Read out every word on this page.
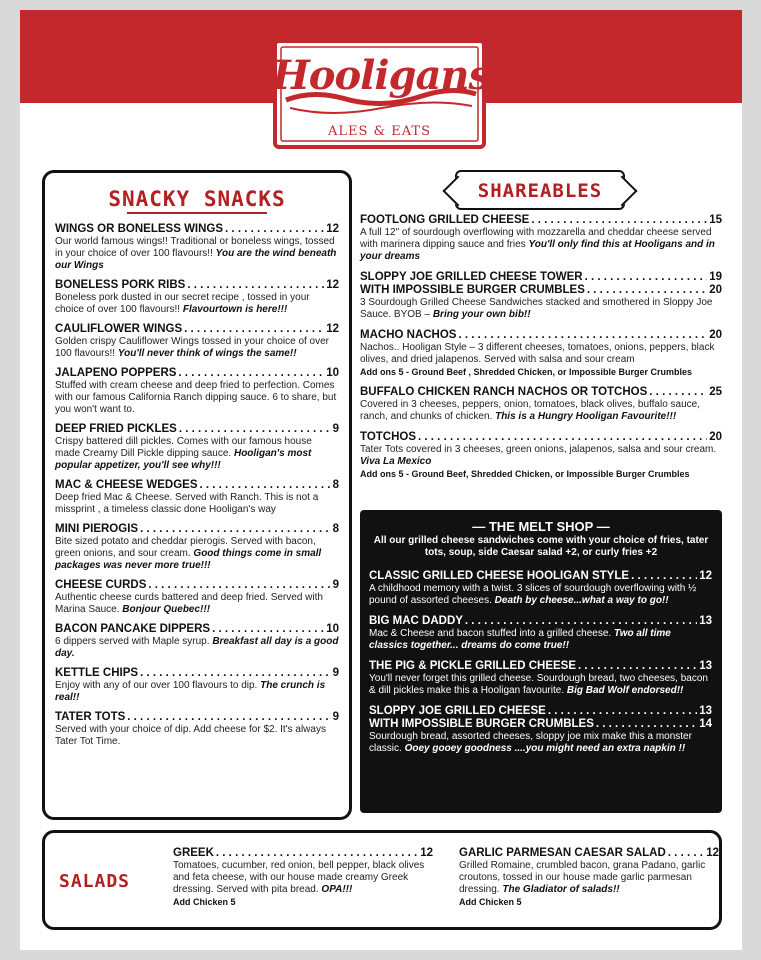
Hooligans
ALES & EATS
SNACKY SNACKS
WINGS OR BONELESS WINGS . . .	12
Our world famous wings!! Traditional or boneless wings, tossed in your choice of over 100 flavours!! You are the wind beneath our Wings
BONELESS PORK RIBS . . .	12
Boneless pork dusted in our secret recipe , tossed in your choice of over 100 flavours!! Flavourtown is here!!!
CAULIFLOWER WINGS . . .	12
Golden crispy Cauliflower Wings tossed in your choice of over 100 flavours!! You'll never think of wings the same!!
JALAPENO POPPERS . . .	10
Stuffed with cream cheese and deep fried to perfection. Comes with our famous California Ranch dipping sauce. 6 to share, but you won't want to.
DEEP FRIED PICKLES . . .	9
Crispy battered dill pickles. Comes with our famous house made Creamy Dill Pickle dipping sauce. Hooligan's most popular appetizer, you'll see why!!!
MAC & CHEESE WEDGES . . .	8
Deep fried Mac & Cheese. Served with Ranch. This is not a missprint , a timeless classic done Hooligan's way
MINI PIEROGIS . . .	8
Bite sized potato and cheddar pierogis. Served with bacon, green onions, and sour cream. Good things come in small packages was never more true!!!
CHEESE CURDS . . .	9
Authentic cheese curds battered and deep fried. Served with Marina Sauce. Bonjour Quebec!!!
BACON PANCAKE DIPPERS . . .	10
6 dippers served with Maple syrup. Breakfast all day is a good day.
KETTLE CHIPS . . .	9
Enjoy with any of our over 100 flavours to dip. The crunch is real!!
TATER TOTS . . .	9
Served with your choice of dip. Add cheese for $2. It's always Tater Tot Time.
SHAREABLES
FOOTLONG GRILLED CHEESE . . .	15
A full 12" of sourdough overflowing with mozzarella and cheddar cheese served with marinera dipping sauce and fries You'll only find this at Hooligans and in your dreams
SLOPPY JOE GRILLED CHEESE TOWER . . .	19
WITH IMPOSSIBLE BURGER CRUMBLES . . .	20
3 Sourdough Grilled Cheese Sandwiches stacked and smothered in Sloppy Joe Sauce. BYOB – Bring your own bib!!
MACHO NACHOS . . .	20
Nachos.. Hooligan Style – 3 different cheeses, tomatoes, onions, peppers, black olives, and dried jalapenos. Served with salsa and sour cream
Add ons 5 - Ground Beef , Shredded Chicken, or Impossible Burger Crumbles
BUFFALO CHICKEN RANCH NACHOS OR TOTCHOS . . .	25
Covered in 3 cheeses, peppers, onion, tomatoes, black olives, buffalo sauce, ranch, and chunks of chicken. This is a Hungry Hooligan Favourite!!!
TOTCHOS . . .	20
Tater Tots covered in 3 cheeses, green onions, jalapenos, salsa and sour cream. Viva La Mexico
Add ons 5 - Ground Beef, Shredded Chicken, or Impossible Burger Crumbles
— THE MELT SHOP —
All our grilled cheese sandwiches come with your choice of fries, tater tots, soup, side Caesar salad +2, or curly fries +2
CLASSIC GRILLED CHEESE HOOLIGAN STYLE . . .	12
A childhood memory with a twist. 3 slices of sourdough overflowing with ½ pound of assorted cheeses. Death by cheese...what a way to go!!
BIG MAC DADDY . . .	13
Mac & Cheese and bacon stuffed into a grilled cheese. Two all time classics together... dreams do come true!!
THE PIG & PICKLE GRILLED CHEESE . . .	13
You'll never forget this grilled cheese. Sourdough bread, two cheeses, bacon & dill pickles make this a Hooligan favourite. Big Bad Wolf endorsed!!
SLOPPY JOE GRILLED CHEESE . . .	13
WITH IMPOSSIBLE BURGER CRUMBLES . . .	14
Sourdough bread, assorted cheeses, sloppy joe mix make this a monster classic. Ooey gooey goodness ....you might need an extra napkin !!
SALADS
GREEK . . .	12
Tomatoes, cucumber, red onion, bell pepper, black olives and feta cheese, with our house made creamy Greek dressing. Served with pita bread. OPA!!!
Add Chicken 5
GARLIC PARMESAN CAESAR SALAD . . .	12
Grilled Romaine, crumbled bacon, grana Padano, garlic croutons, tossed in our house made garlic parmesan dressing. The Gladiator of salads!!
Add Chicken 5
